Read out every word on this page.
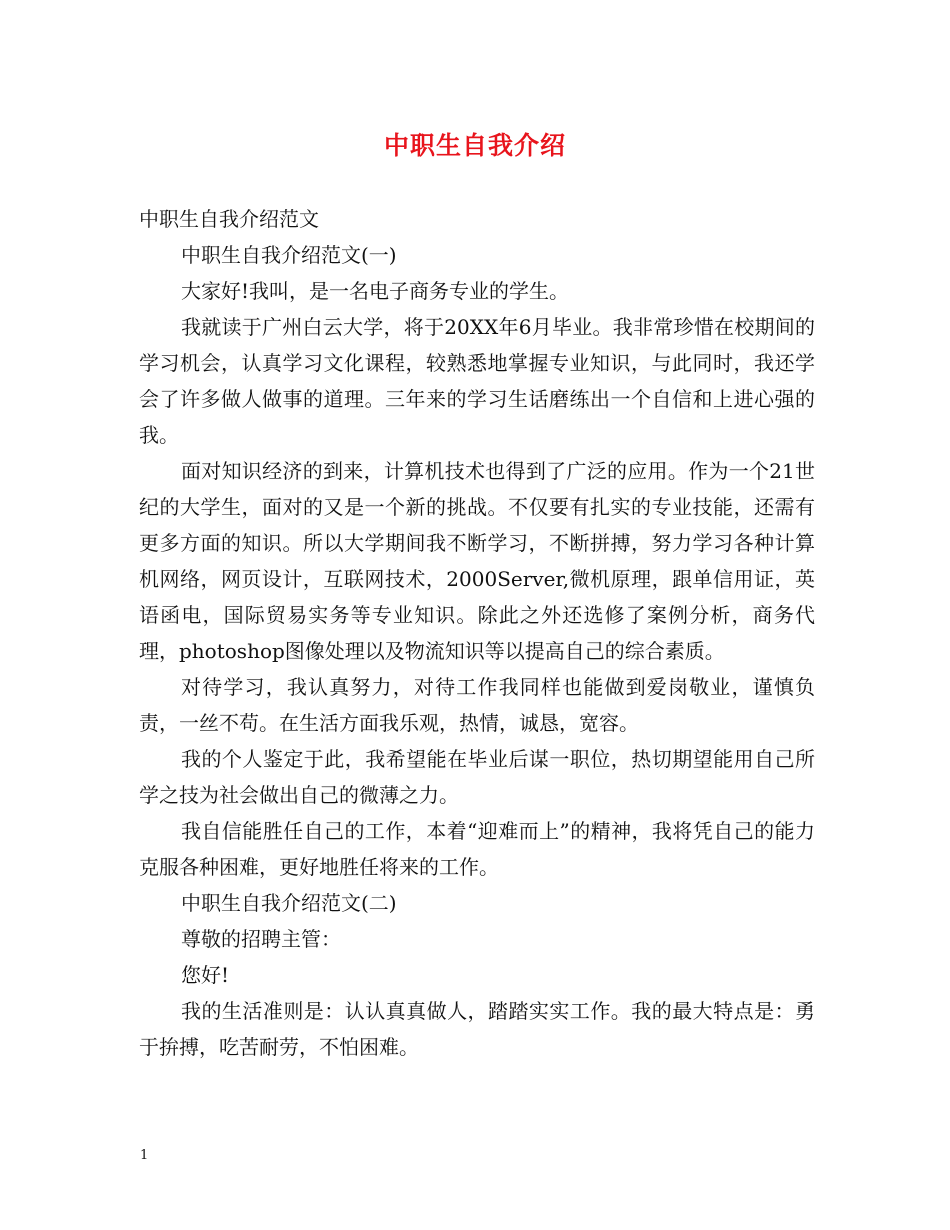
中职生自我介绍

中职生自我介绍范文

中职生自我介绍范文(一)

大家好!我叫，是一名电子商务专业的学生。

我就读于广州白云大学，将于20XX年6月毕业。我非常珍惜在校期间的学习机会，认真学习文化课程，较熟悉地掌握专业知识，与此同时，我还学会了许多做人做事的道理。三年来的学习生话磨练出一个自信和上进心强的我。

面对知识经济的到来，计算机技术也得到了广泛的应用。作为一个21世纪的大学生，面对的又是一个新的挑战。不仅要有扎实的专业技能，还需有更多方面的知识。所以大学期间我不断学习，不断拼搏，努力学习各种计算机网络，网页设计，互联网技术，2000Server,微机原理，跟单信用证，英语函电，国际贸易实务等专业知识。除此之外还选修了案例分析，商务代理，photoshop图像处理以及物流知识等以提高自己的综合素质。

对待学习，我认真努力，对待工作我同样也能做到爱岗敬业，谨慎负责，一丝不苟。在生活方面我乐观，热情，诚恳，宽容。

我的个人鉴定于此，我希望能在毕业后谋一职位，热切期望能用自己所学之技为社会做出自己的微薄之力。

我自信能胜任自己的工作，本着“迎难而上”的精神，我将凭自己的能力克服各种困难，更好地胜任将来的工作。

中职生自我介绍范文(二)

尊敬的招聘主管：

您好!

我的生活准则是：认认真真做人，踏踏实实工作。我的最大特点是：勇于拚搏，吃苦耐劳，不怕困难。

1
